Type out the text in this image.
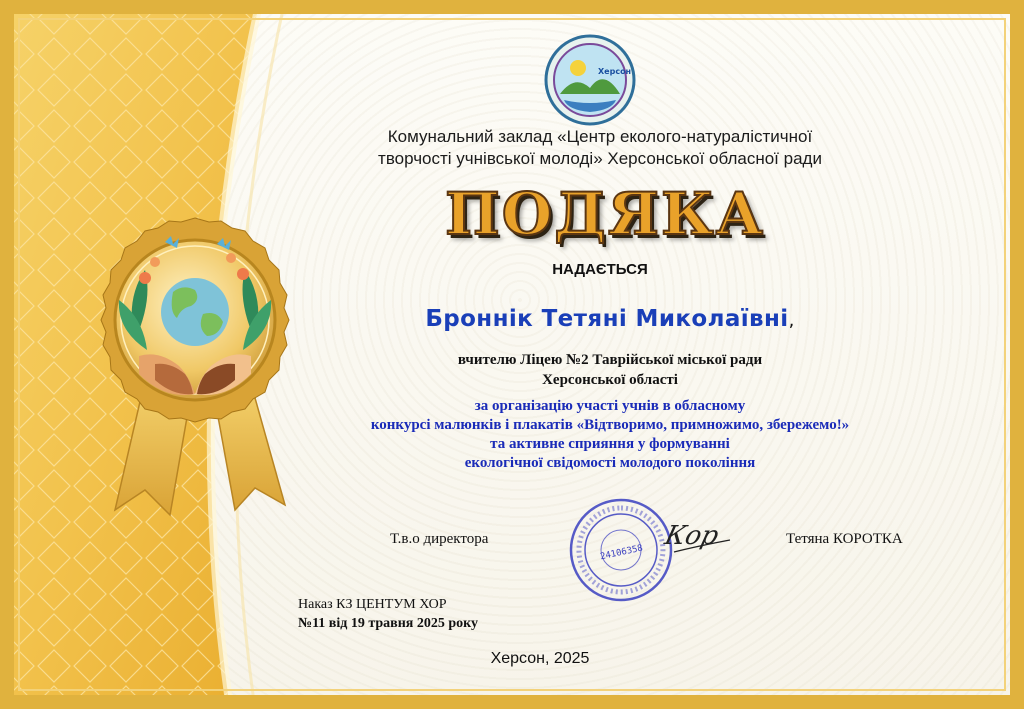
Херсон
Комунальний заклад «Центр еколого-натуралістичної
творчості учнівської молоді» Херсонської обласної ради
ПОДЯКА
НАДАЄТЬСЯ
Броннік Тетяні Миколаївні,
вчителю Ліцею №2 Таврійської міської ради
Херсонської області
за організацію участі учнів в обласному
конкурсі малюнків і плакатів «Відтворимо, примножимо, збережемо!»
та активне сприяння у формуванні
екологічної свідомості молодого покоління
Т.в.о директора
24106358
Кор	Тетяна КОРОТКА
Наказ КЗ ЦЕНТУМ ХОР
№11 від 19 травня 2025 року
Херсон, 2025
